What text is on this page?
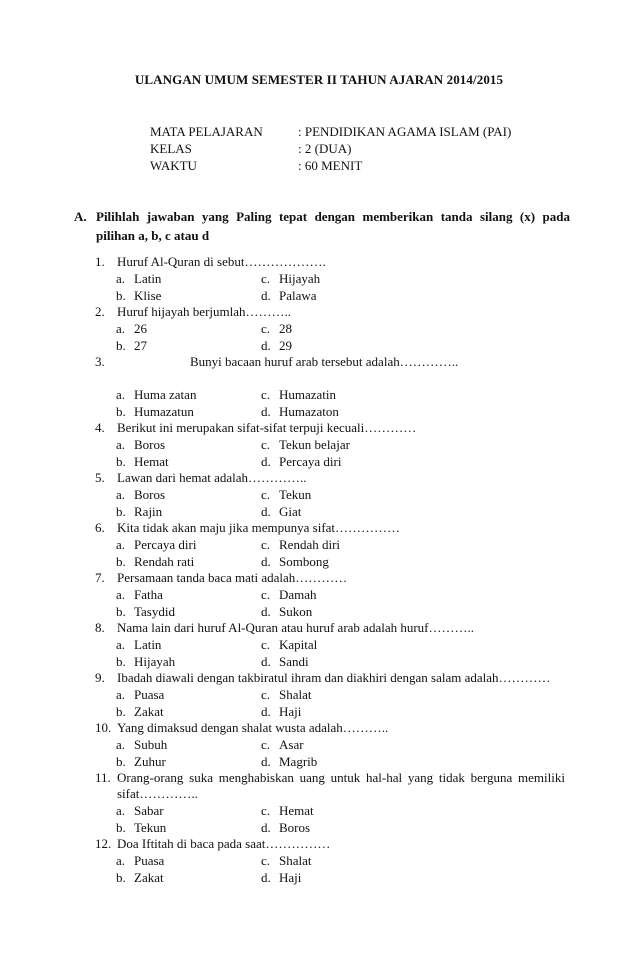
ULANGAN UMUM SEMESTER II TAHUN AJARAN 2014/2015
MATA PELAJARAN	: PENDIDIKAN AGAMA ISLAM (PAI)
KELAS	: 2 (DUA)
WAKTU	: 60 MENIT
A. Pilihlah jawaban yang Paling tepat dengan memberikan tanda silang (x) pada pilihan a, b, c atau d
1. Huruf Al-Quran di sebut……………….
a. Latin	c. Hijayah
b. Klise	d. Palawa
2. Huruf hijayah berjumlah………..
a. 26	c. 28
b. 27	d. 29
3.	Bunyi bacaan huruf arab tersebut adalah…………..
a. Huma zatan	c. Humazatin
b. Humazatun	d. Humazaton
4. Berikut ini merupakan sifat-sifat terpuji kecuali…………
a. Boros	c. Tekun belajar
b. Hemat	d. Percaya diri
5. Lawan dari hemat adalah…………..
a. Boros	c. Tekun
b. Rajin	d. Giat
6. Kita tidak akan maju jika mempunya sifat……………
a. Percaya diri	c. Rendah diri
b. Rendah rati	d. Sombong
7. Persamaan tanda baca mati adalah…………
a. Fatha	c. Damah
b. Tasydid	d. Sukon
8. Nama lain dari huruf Al-Quran atau huruf arab adalah huruf………..
a. Latin	c. Kapital
b. Hijayah	d. Sandi
9. Ibadah diawali dengan takbiratul ihram dan diakhiri dengan salam adalah…………
a. Puasa	c. Shalat
b. Zakat	d. Haji
10. Yang dimaksud dengan shalat wusta adalah………..
a. Subuh	c. Asar
b. Zuhur	d. Magrib
11. Orang-orang suka menghabiskan uang untuk hal-hal yang tidak berguna memiliki sifat…………..
a. Sabar	c. Hemat
b. Tekun	d. Boros
12. Doa Iftitah di baca pada saat……………
a. Puasa	c. Shalat
b. Zakat	d. Haji
